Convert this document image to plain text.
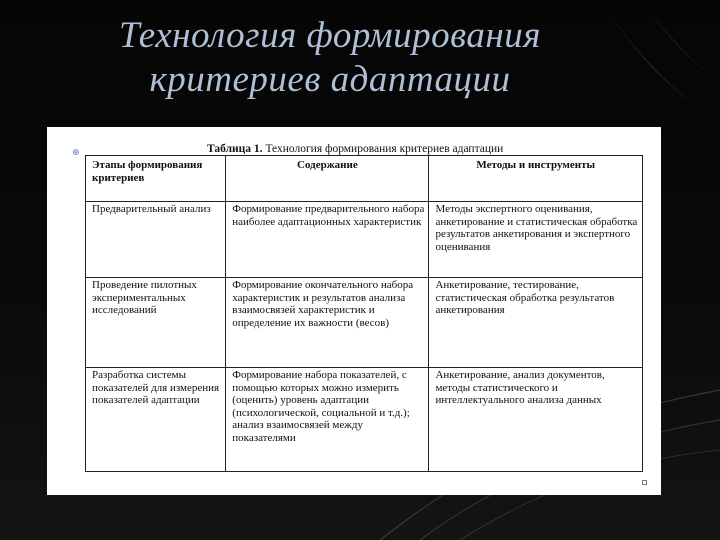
Технология формирования
критериев адаптации
⊕	Таблица 1. Технология формирования критериев адаптации
Этапы формирования критериев	Содержание	Методы и инструменты
Предварительный анализ	Формирование предварительного набора наиболее адаптационных характеристик	Методы экспертного оценивания, анкетирование и статистическая обработка результатов анкетирования и экспертного оценивания
Проведение пилотных экспериментальных исследований	Формирование окончательного набора характеристик и результатов анализа взаимосвязей характеристик и определение их важности (весов)	Анкетирование, тестирование, статистическая обработка результатов анкетирования
Разработка системы показателей для измерения показателей адаптации	Формирование набора показателей, с помощью которых можно измерить (оценить) уровень адаптации (психологической, социальной и т.д.); анализ взаимосвязей между показателями	Анкетирование, анализ документов, методы статистического и интеллектуального анализа данных
